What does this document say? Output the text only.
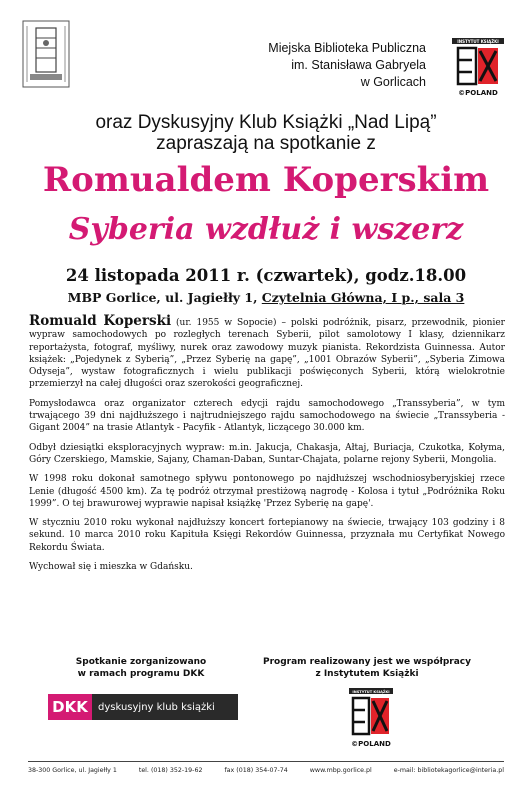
Miejska Biblioteka Publiczna
im. Stanisława Gabryela
w Gorlicach
INSTYTUT KSIĄŻKI
©POLAND
oraz Dyskusyjny Klub Książki „Nad Lipą”
zapraszają na spotkanie z
Romualdem Koperskim
Syberia wzdłuż i wszerz
24 listopada 2011 r. (czwartek), godz.18.00
MBP Gorlice, ul. Jagiełły 1, Czytelnia Główna, I p., sala 3

Romuald Koperski (ur. 1955 w Sopocie) – polski podróżnik, pisarz, przewodnik, pionier wypraw samochodowych po rozległych terenach Syberii, pilot samolotowy I klasy, dziennikarz reportażysta, fotograf, myśliwy, nurek oraz zawodowy muzyk pianista. Rekordzista Guinnessa. Autor książek: „Pojedynek z Syberią”, „Przez Syberię na gapę”, „1001 Obrazów Syberii”, „Syberia Zimowa Odyseja”, wystaw fotograficznych i wielu publikacji poświęconych Syberii, którą wielokrotnie przemierzył na całej długości oraz szerokości geograficznej.

Pomysłodawca oraz organizator czterech edycji rajdu samochodowego „Transsyberia”, w tym trwającego 39 dni najdłuższego i najtrudniejszego rajdu samochodowego na świecie „Transsyberia - Gigant 2004” na trasie Atlantyk - Pacyfik - Atlantyk, liczącego 30.000 km.

Odbył dziesiątki eksploracyjnych wypraw: m.in. Jakucja, Chakasja, Ałtaj, Buriacja, Czukotka, Kołyma, Góry Czerskiego, Mamskie, Sajany, Chaman-Daban, Suntar-Chajata, polarne rejony Syberii, Mongolia.

W 1998 roku dokonał samotnego spływu pontonowego po najdłuższej wschodniosyberyjskiej rzece Lenie (długość 4500 km). Za tę podróż otrzymał prestiżową nagrodę - Kolosa i tytuł „Podróżnika Roku 1999”. O tej brawurowej wyprawie napisał książkę 'Przez Syberię na gapę'.

W styczniu 2010 roku wykonał najdłuższy koncert fortepianowy na świecie, trwający 103 godziny i 8 sekund. 10 marca 2010 roku Kapituła Księgi Rekordów Guinnessa, przyznała mu Certyfikat Nowego Rekordu Świata.

Wychował się i mieszka w Gdańsku.

Spotkanie zorganizowano
w ramach programu DKK
DKK	dyskusyjny klub książki
Program realizowany jest we współpracy
z Instytutem Książki
INSTYTUT KSIĄŻKI
©POLAND
38-300 Gorlice, ul. Jagiełły 1	tel. (018) 352-19-62	fax (018) 354-07-74	www.mbp.gorlice.pl	e-mail: bibliotekagorlice@interia.pl
